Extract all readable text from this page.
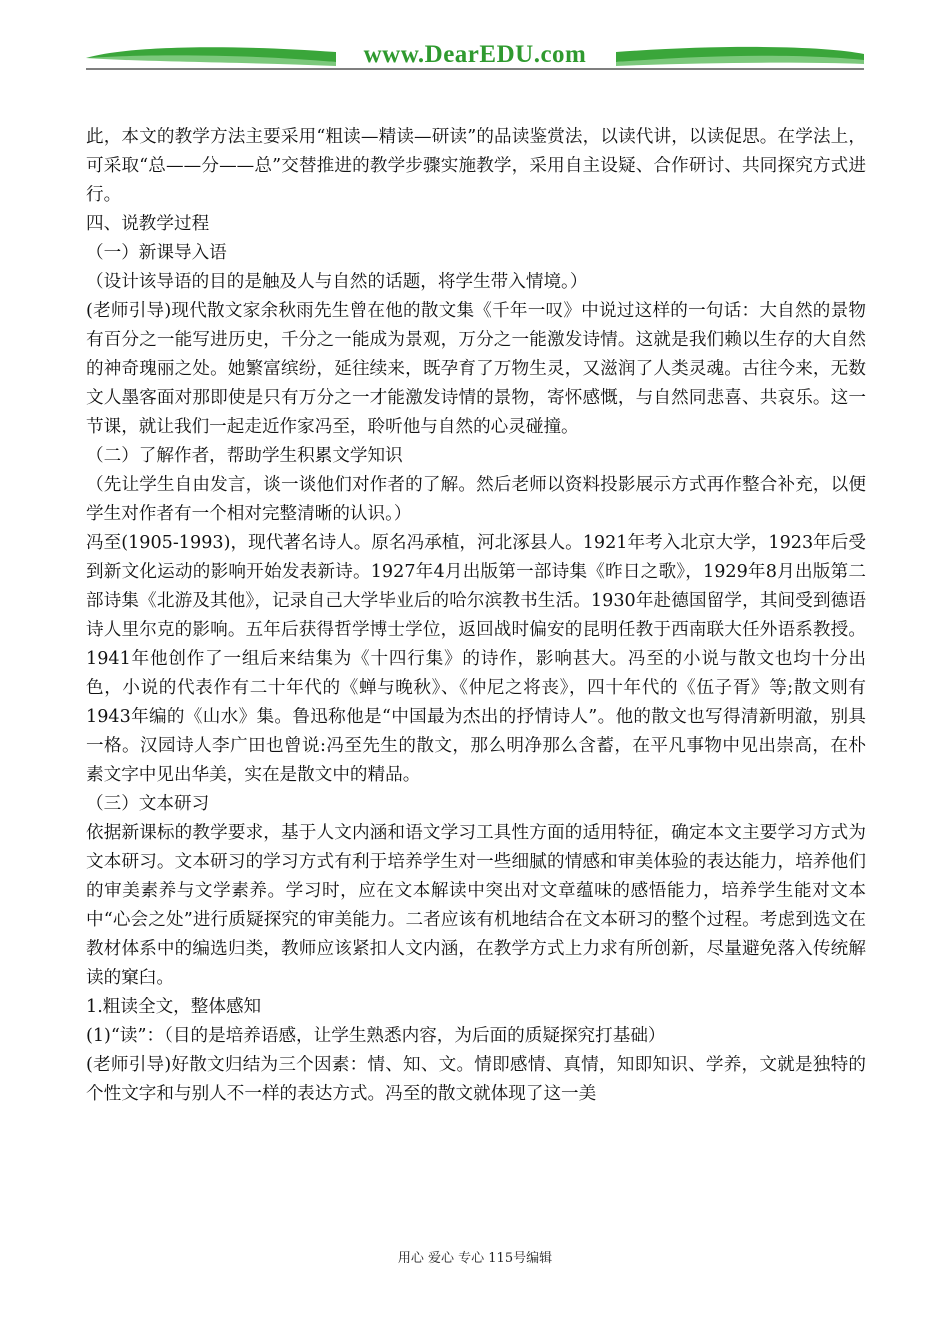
www.DearEDU.com

此，本文的教学方法主要采用“粗读—精读—研读”的品读鉴赏法，以读代讲，以读促思。在学法上，可采取“总——分——总”交替推进的教学步骤实施教学，采用自主设疑、合作研讨、共同探究方式进行。

四、说教学过程

（一）新课导入语

（设计该导语的目的是触及人与自然的话题，将学生带入情境。）

(老师引导)现代散文家余秋雨先生曾在他的散文集《千年一叹》中说过这样的一句话：大自然的景物有百分之一能写进历史，千分之一能成为景观，万分之一能激发诗情。这就是我们赖以生存的大自然的神奇瑰丽之处。她繁富缤纷，延往续来，既孕育了万物生灵，又滋润了人类灵魂。古往今来，无数文人墨客面对那即使是只有万分之一才能激发诗情的景物，寄怀感慨，与自然同悲喜、共哀乐。这一节课，就让我们一起走近作家冯至，聆听他与自然的心灵碰撞。

（二）了解作者，帮助学生积累文学知识

（先让学生自由发言，谈一谈他们对作者的了解。然后老师以资料投影展示方式再作整合补充，以便学生对作者有一个相对完整清晰的认识。）

冯至(1905-1993)，现代著名诗人。原名冯承植，河北涿县人。1921年考入北京大学，1923年后受到新文化运动的影响开始发表新诗。1927年4月出版第一部诗集《昨日之歌》，1929年8月出版第二部诗集《北游及其他》，记录自己大学毕业后的哈尔滨教书生活。1930年赴德国留学，其间受到德语诗人里尔克的影响。五年后获得哲学博士学位，返回战时偏安的昆明任教于西南联大任外语系教授。1941年他创作了一组后来结集为《十四行集》的诗作，影响甚大。冯至的小说与散文也均十分出色，小说的代表作有二十年代的《蝉与晚秋》、《仲尼之将丧》，四十年代的《伍子胥》等;散文则有1943年编的《山水》集。鲁迅称他是“中国最为杰出的抒情诗人”。他的散文也写得清新明澈，别具一格。汉园诗人李广田也曾说:冯至先生的散文，那么明净那么含蓄，在平凡事物中见出崇高，在朴素文字中见出华美，实在是散文中的精品。

（三）文本研习

依据新课标的教学要求，基于人文内涵和语文学习工具性方面的适用特征，确定本文主要学习方式为文本研习。文本研习的学习方式有利于培养学生对一些细腻的情感和审美体验的表达能力，培养他们的审美素养与文学素养。学习时，应在文本解读中突出对文章蕴味的感悟能力，培养学生能对文本中“心会之处”进行质疑探究的审美能力。二者应该有机地结合在文本研习的整个过程。考虑到选文在教材体系中的编选归类，教师应该紧扣人文内涵，在教学方式上力求有所创新，尽量避免落入传统解读的窠臼。

1.粗读全文，整体感知

(1)“读”：（目的是培养语感，让学生熟悉内容，为后面的质疑探究打基础）

(老师引导)好散文归结为三个因素：情、知、文。情即感情、真情，知即知识、学养，文就是独特的个性文字和与别人不一样的表达方式。冯至的散文就体现了这一美

用心 爱心 专心 115号编辑
